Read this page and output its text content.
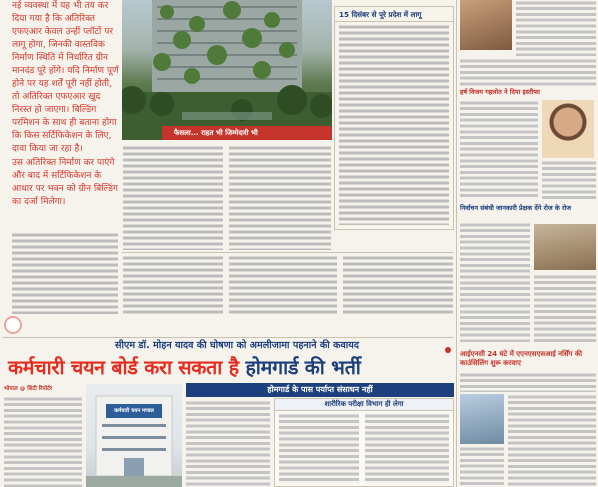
नई व्यवस्था में यह भी तय कर दिया गया है कि अतिरिक्त एफएआर केवल उन्हीं प्लॉटों पर लागू होगा, जिनकी वास्तविक निर्माण स्थिति में निर्धारित ग्रीन मानदंड पूरे होंगे। यदि निर्माण पूर्ण होने पर यह शर्तें पूरी नहीं होती, तो अतिरिक्त एफएआर खुद निरस्त हो जाएगा। बिल्डिंग परमिशन के साथ ही बताना होगा कि किस सर्टिफिकेशन के लिए, दावा किया जा रहा है।

उस अतिरिक्त निर्माण कर पाएंगे और बाद में सर्टिफिकेशन के आधार पर भवन को ग्रीन बिल्डिंग का दर्जा मिलेगा।

फैसला... राहत भी जिम्मेदारी भी
15 दिसंबर से पूरे प्रदेश में लागू
हर्ष विजय गहलोत ने दिया इस्तीफा
निर्वाचन संबंधी जानकारी प्रेक्षक देंगे रोज के रोज
आईएनसी 24 घंटे में एएनएसएसआई नर्सिंग की काउंसिलिंग शुरू करवाए
सीएम डॉ. मोहन यादव की घोषणा को अमलीजामा पहनाने की कवायद
कर्मचारी चयन बोर्ड करा सकता है होमगार्ड की भर्ती
होमगार्ड के पास पर्याप्त संसाधन नहीं
भोपाल @ सिटी रिपोर्टर
कर्मचारी चयन मण्डल
शारीरिक परीक्षा विभाग ही लेगा
